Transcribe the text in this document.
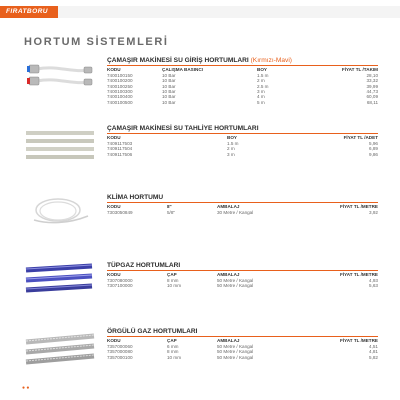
FIRATBORU
HORTUM SİSTEMLERİ
ÇAMAŞIR MAKİNESİ SU GİRİŞ HORTUMLARI (Kırmızı-Mavi)
KODU	ÇALIŞMA BASINCI	BOY	FİYAT TL /TAKIM
7400100150	10 Bar	1.5 m	28,10
7400100200	10 Bar	2 m	33,32
7400100250	10 Bar	2.5 m	39,99
7400100300	10 Bar	3 m	44,73
7400100400	10 Bar	4 m	60,09
7400100500	10 Bar	5 m	68,11
ÇAMAŞIR MAKİNESİ SU TAHLİYE HORTUMLARI
KODU		BOY	FİYAT TL /ADET
7409117503		1.5 m	5,96
7409117504		2 m	6,89
7409117506		3 m	9,86
KLİMA HORTUMU
KODU	8"	AMBALAJ	FİYAT TL /METRE
7303050849	5/8"	30 Metre / Kangal	3,92
TÜPGAZ HORTUMLARI
KODU	ÇAP	AMBALAJ	FİYAT TL /METRE
7307080000	8 mm	50 Metre / Kangal	4,93
7307100000	10 mm	50 Metre / Kangal	5,63
ÖRGÜLÜ GAZ HORTUMLARI
KODU	ÇAP	AMBALAJ	FİYAT TL /METRE
7357000060	6 mm	50 Metre / Kangal	4,51
7357000080	8 mm	50 Metre / Kangal	4,81
7357000100	10 mm	50 Metre / Kangal	5,82
● ●
